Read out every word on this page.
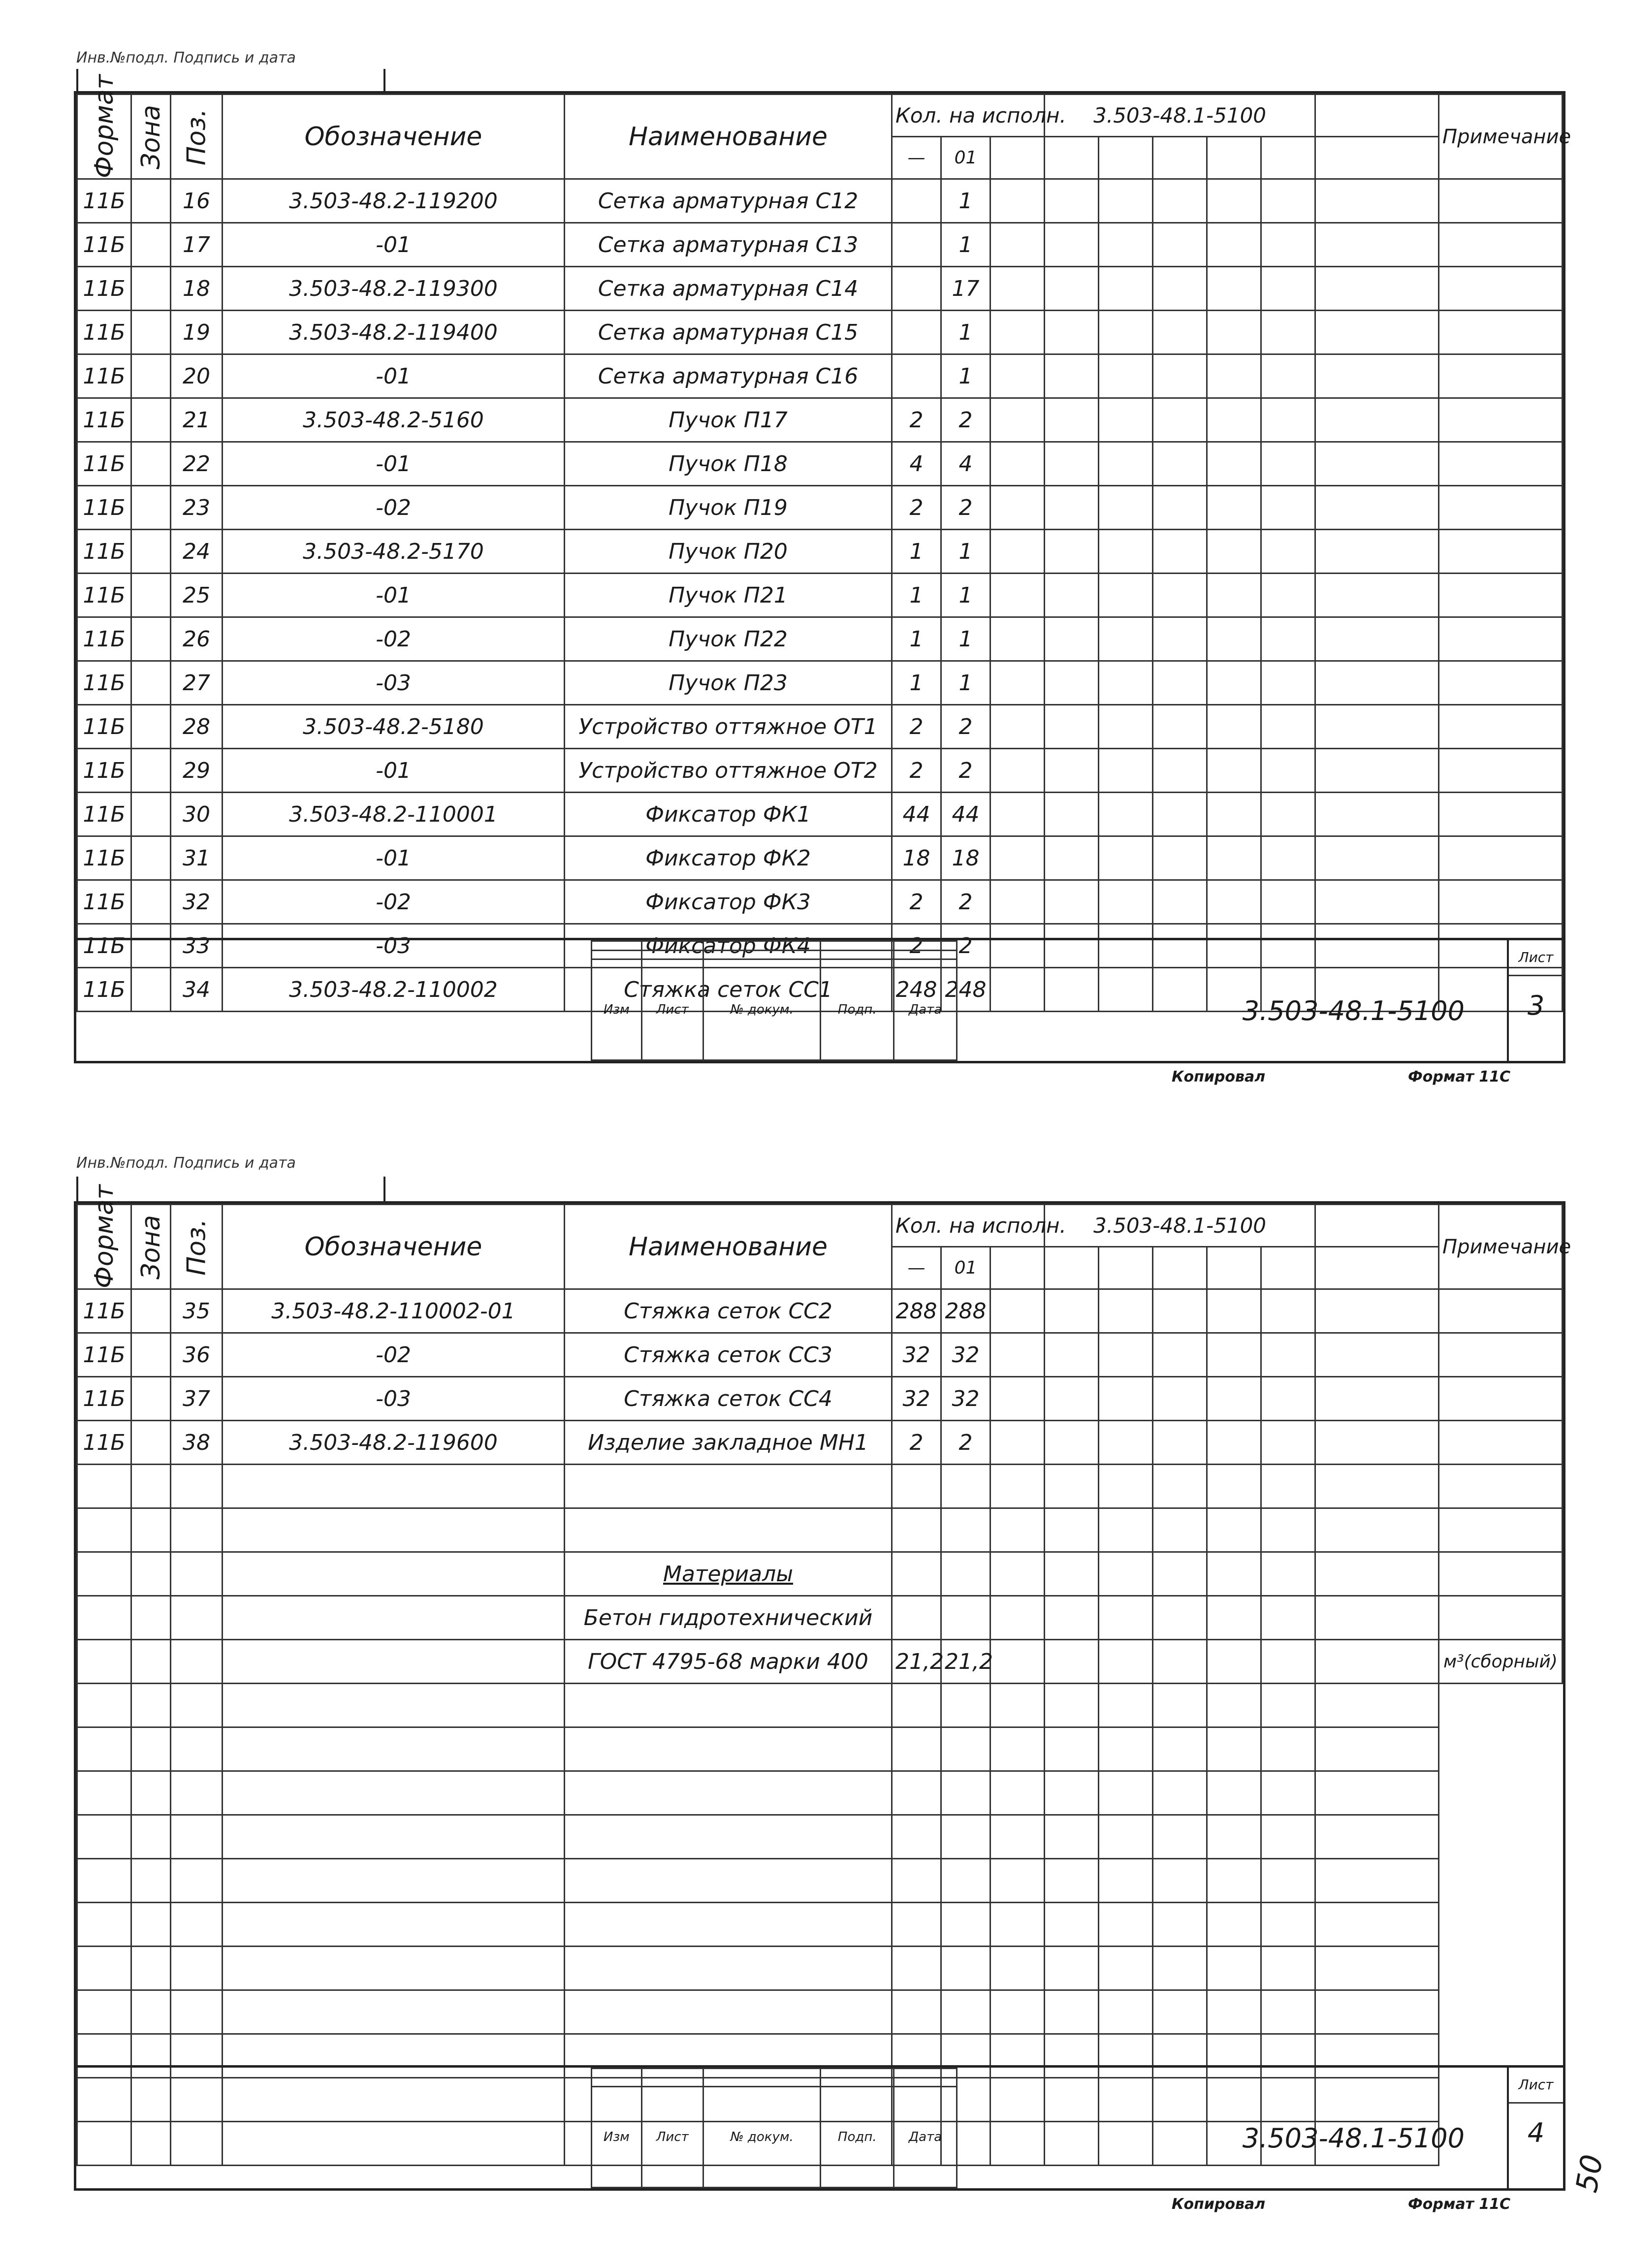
Инв.№подл. Подпись и дата
Формат	Зона	Поз.	Обозначение	Наименование	Кол. на исполн.			3.503-48.1-5100						Примечание
					—	01								
11Б		16	3.503-48.2-119200	Сетка арматурная С12		1								
11Б		17	-01	Сетка арматурная С13		1								
11Б		18	3.503-48.2-119300	Сетка арматурная С14		17								
11Б		19	3.503-48.2-119400	Сетка арматурная С15		1								
11Б		20	-01	Сетка арматурная С16		1								
11Б		21	3.503-48.2-5160	Пучок П17	2	2								
11Б		22	-01	Пучок П18	4	4								
11Б		23	-02	Пучок П19	2	2								
11Б		24	3.503-48.2-5170	Пучок П20	1	1								
11Б		25	-01	Пучок П21	1	1								
11Б		26	-02	Пучок П22	1	1								
11Б		27	-03	Пучок П23	1	1								
11Б		28	3.503-48.2-5180	Устройство оттяжное ОТ1	2	2								
11Б		29	-01	Устройство оттяжное ОТ2	2	2								
11Б		30	3.503-48.2-110001	Фиксатор ФК1	44	44								
11Б		31	-01	Фиксатор ФК2	18	18								
11Б		32	-02	Фиксатор ФК3	2	2								
11Б		33	-03	Фиксатор ФК4	2	2								
11Б		34	3.503-48.2-110002	Стяжка сеток СС1	248	248								

Изм	Лист	№ докум.	Подп.	Дата	3.503-48.1-5100
Лист
3
Копировал	Формат 11С
Инв.№подл. Подпись и дата
Формат	Зона	Поз.	Обозначение	Наименование	Кол. на исполн.			3.503-48.1-5100						Примечание
					—	01								
11Б		35	3.503-48.2-110002-01	Стяжка сеток СС2	288	288								
11Б		36	-02	Стяжка сеток СС3	32	32								
11Б		37	-03	Стяжка сеток СС4	32	32								
11Б		38	3.503-48.2-119600	Изделие закладное МН1	2	2								

				Материалы										
				Бетон гидротехнический										
				ГОСТ 4795-68 марки 400	21,2	21,2								м³(сборный)

Изм	Лист	№ докум.	Подп.	Дата	3.503-48.1-5100
Лист
4
Копировал	Формат 11С
50
